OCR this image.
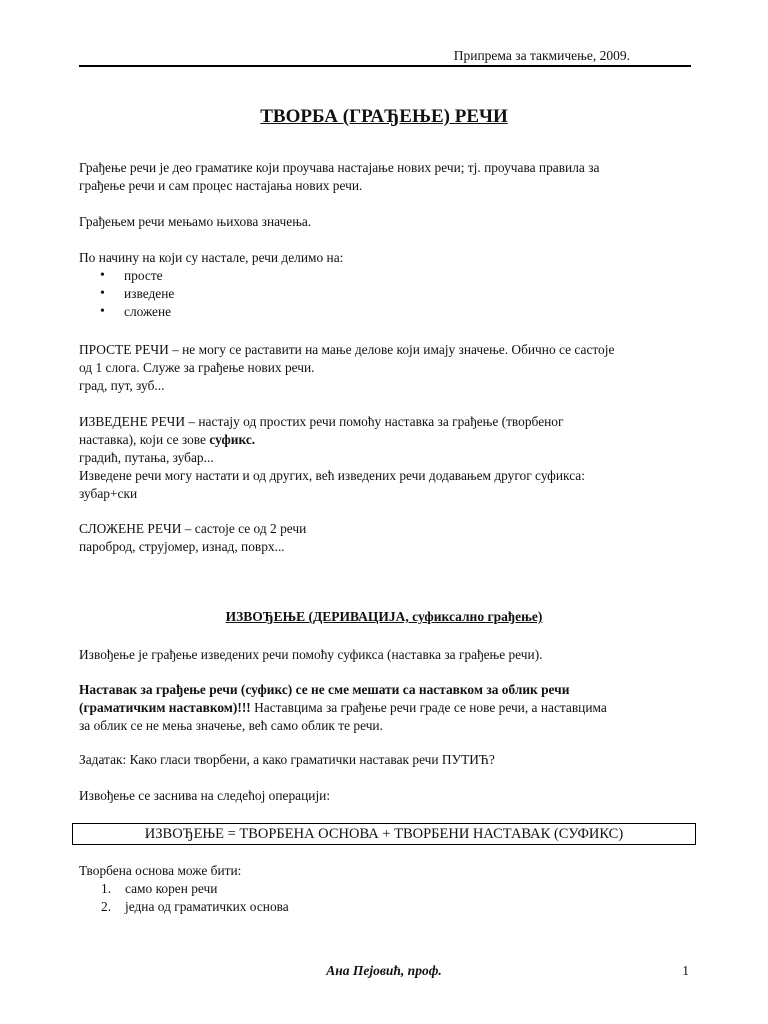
Припрема за такмичење, 2009.
ТВОРБА (ГРАЂЕЊЕ) РЕЧИ

Грађење речи је део граматике који проучава настајање нових речи; тј. проучава правила за

грађење речи и сам процес настајања нових речи.

Грађењем речи мењамо њихова значења.

По начину на који су настале, речи делимо на:

• просте
• изведене
• сложене

ПРОСТЕ РЕЧИ – не могу се раставити на мање делове који имају значење. Обично се састоје

од 1 слога. Служе за грађење нових речи.

град, пут, зуб...

ИЗВЕДЕНЕ РЕЧИ – настају од простих речи помоћу наставка за грађење (творбеног

наставка), који се зове суфикс.

градић, путања, зубар...

Изведене речи могу настати и од других, већ изведених речи додавањем другог суфикса:

зубар+ски

СЛОЖЕНЕ РЕЧИ – састоје се од 2 речи

пароброд, струјомер, изнад, поврх...

ИЗВОЂЕЊЕ (ДЕРИВАЦИЈА, суфиксално грађење)
Извођење је грађење изведених речи помоћу суфикса (наставка за грађење речи).

Наставак за грађење речи (суфикс) се не сме мешати са наставком за облик речи

(граматичким наставком)!!! Наставцима за грађење речи граде се нове речи, а наставцима

за облик се не мења значење, већ само облик те речи.

Задатак: Како гласи творбени, а како граматички наставак речи ПУТИЋ?
Извођење се заснива на следећој операцији:
ИЗВОЂЕЊЕ = ТВОРБЕНА ОСНОВА + ТВОРБЕНИ НАСТАВАК (СУФИКС)

Творбена основа може бити:

1. само корен речи
2. једна од граматичких основа
Ана Пејовић, проф.	1
